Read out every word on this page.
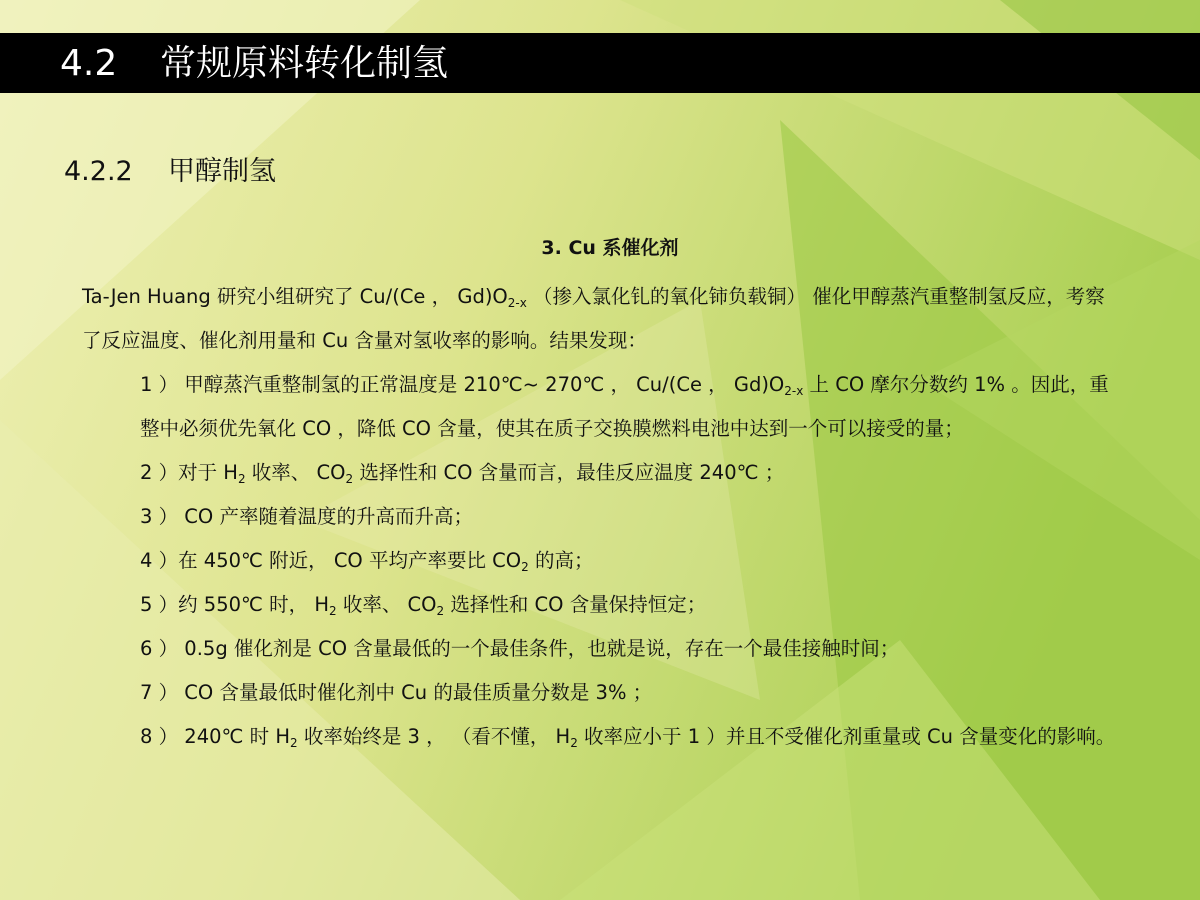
4.2 常规原料转化制氢
4.2.2 甲醇制氢
3. Cu 系催化剂

Ta-Jen Huang 研究小组研究了 Cu/(Ce ， $Gd)O_{2-x}$ （掺入氯化钆的氧化铈负载铜） 催化甲醇蒸汽重整制氢反应，考察了反应温度、催化剂用量和 Cu 含量对氢收率的影响。结果发现：

1 ） 甲醇蒸汽重整制氢的正常温度是 210℃~ 270℃ ， Cu/(Ce ， $Gd)O_{2-x}$ 上 CO 摩尔分数约 1% 。因此，重整中必须优先氧化 CO ，降低 CO 含量，使其在质子交换膜燃料电池中达到一个可以接受的量；

2 ）对于 $H_2$ 收率、 $CO_2$ 选择性和 CO 含量而言，最佳反应温度 240℃ ；

3 ） CO 产率随着温度的升高而升高；

4 ）在 450℃ 附近， CO 平均产率要比 $CO_2$ 的高；

5 ）约 550℃ 时， $H_2$ 收率、 $CO_2$ 选择性和 CO 含量保持恒定；

6 ） 0.5g 催化剂是 CO 含量最低的一个最佳条件，也就是说，存在一个最佳接触时间；

7 ） CO 含量最低时催化剂中 Cu 的最佳质量分数是 3% ；

8 ） 240℃ 时 $H_2$ 收率始终是 3 ， （看不懂， $H_2$ 收率应小于 1 ）并且不受催化剂重量或 Cu 含量变化的影响。
